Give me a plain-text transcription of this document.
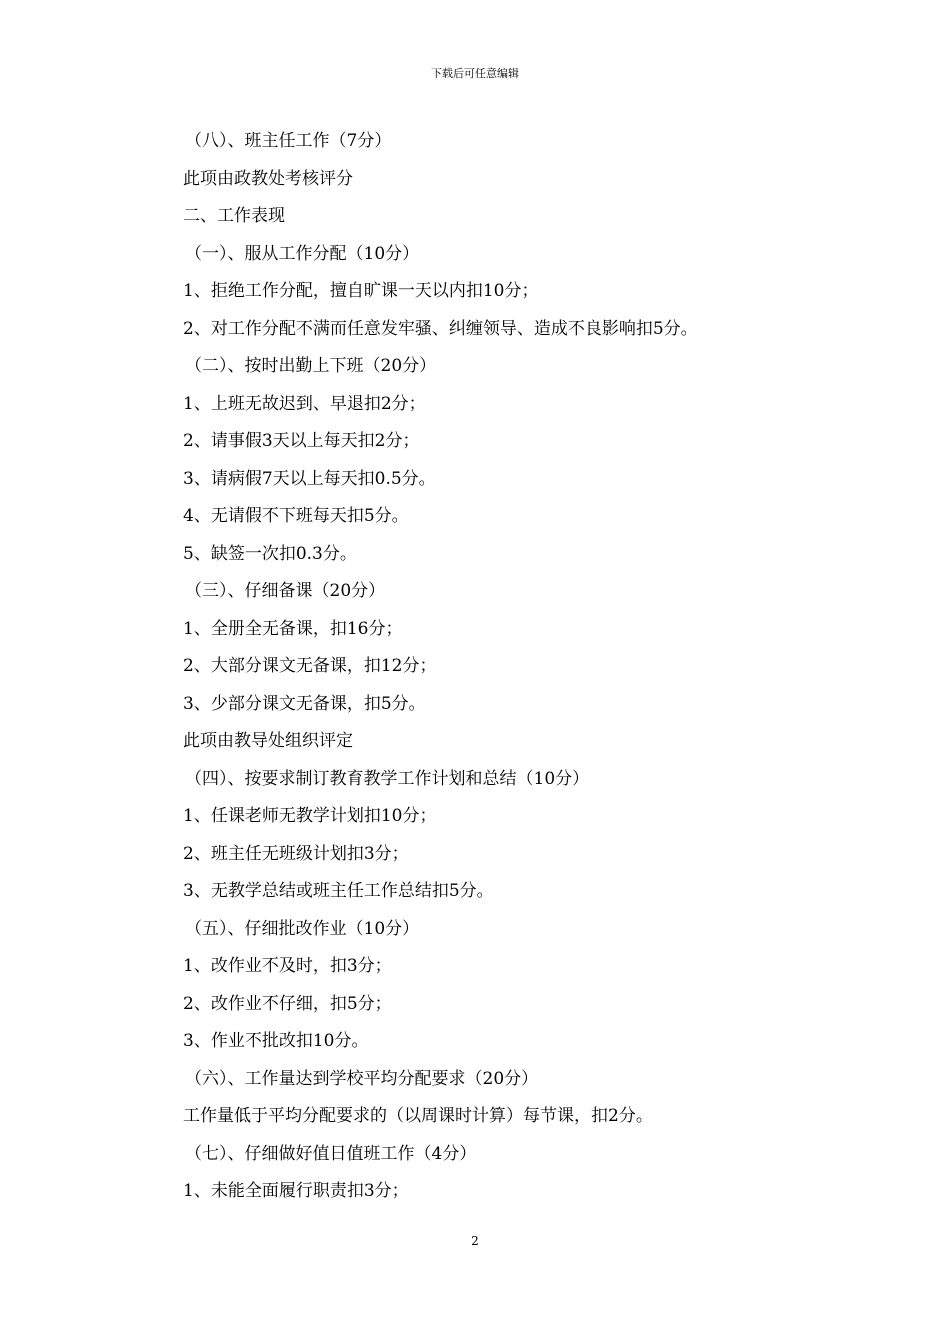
下载后可任意编辑

（八）、班主任工作（7分）

此项由政教处考核评分

二、工作表现

（一）、服从工作分配（10分）

1、拒绝工作分配，擅自旷课一天以内扣10分；

2、对工作分配不满而任意发牢骚、纠缠领导、造成不良影响扣5分。

（二）、按时出勤上下班（20分）

1、上班无故迟到、早退扣2分；

2、请事假3天以上每天扣2分；

3、请病假7天以上每天扣0.5分。

4、无请假不下班每天扣5分。

5、缺签一次扣0.3分。

（三）、仔细备课（20分）

1、全册全无备课，扣16分；

2、大部分课文无备课，扣12分；

3、少部分课文无备课，扣5分。

此项由教导处组织评定

（四）、按要求制订教育教学工作计划和总结（10分）

1、任课老师无教学计划扣10分；

2、班主任无班级计划扣3分；

3、无教学总结或班主任工作总结扣5分。

（五）、仔细批改作业（10分）

1、改作业不及时，扣3分；

2、改作业不仔细，扣5分；

3、作业不批改扣10分。

（六）、工作量达到学校平均分配要求（20分）

工作量低于平均分配要求的（以周课时计算）每节课，扣2分。

（七）、仔细做好值日值班工作（4分）

1、未能全面履行职责扣3分；

2
